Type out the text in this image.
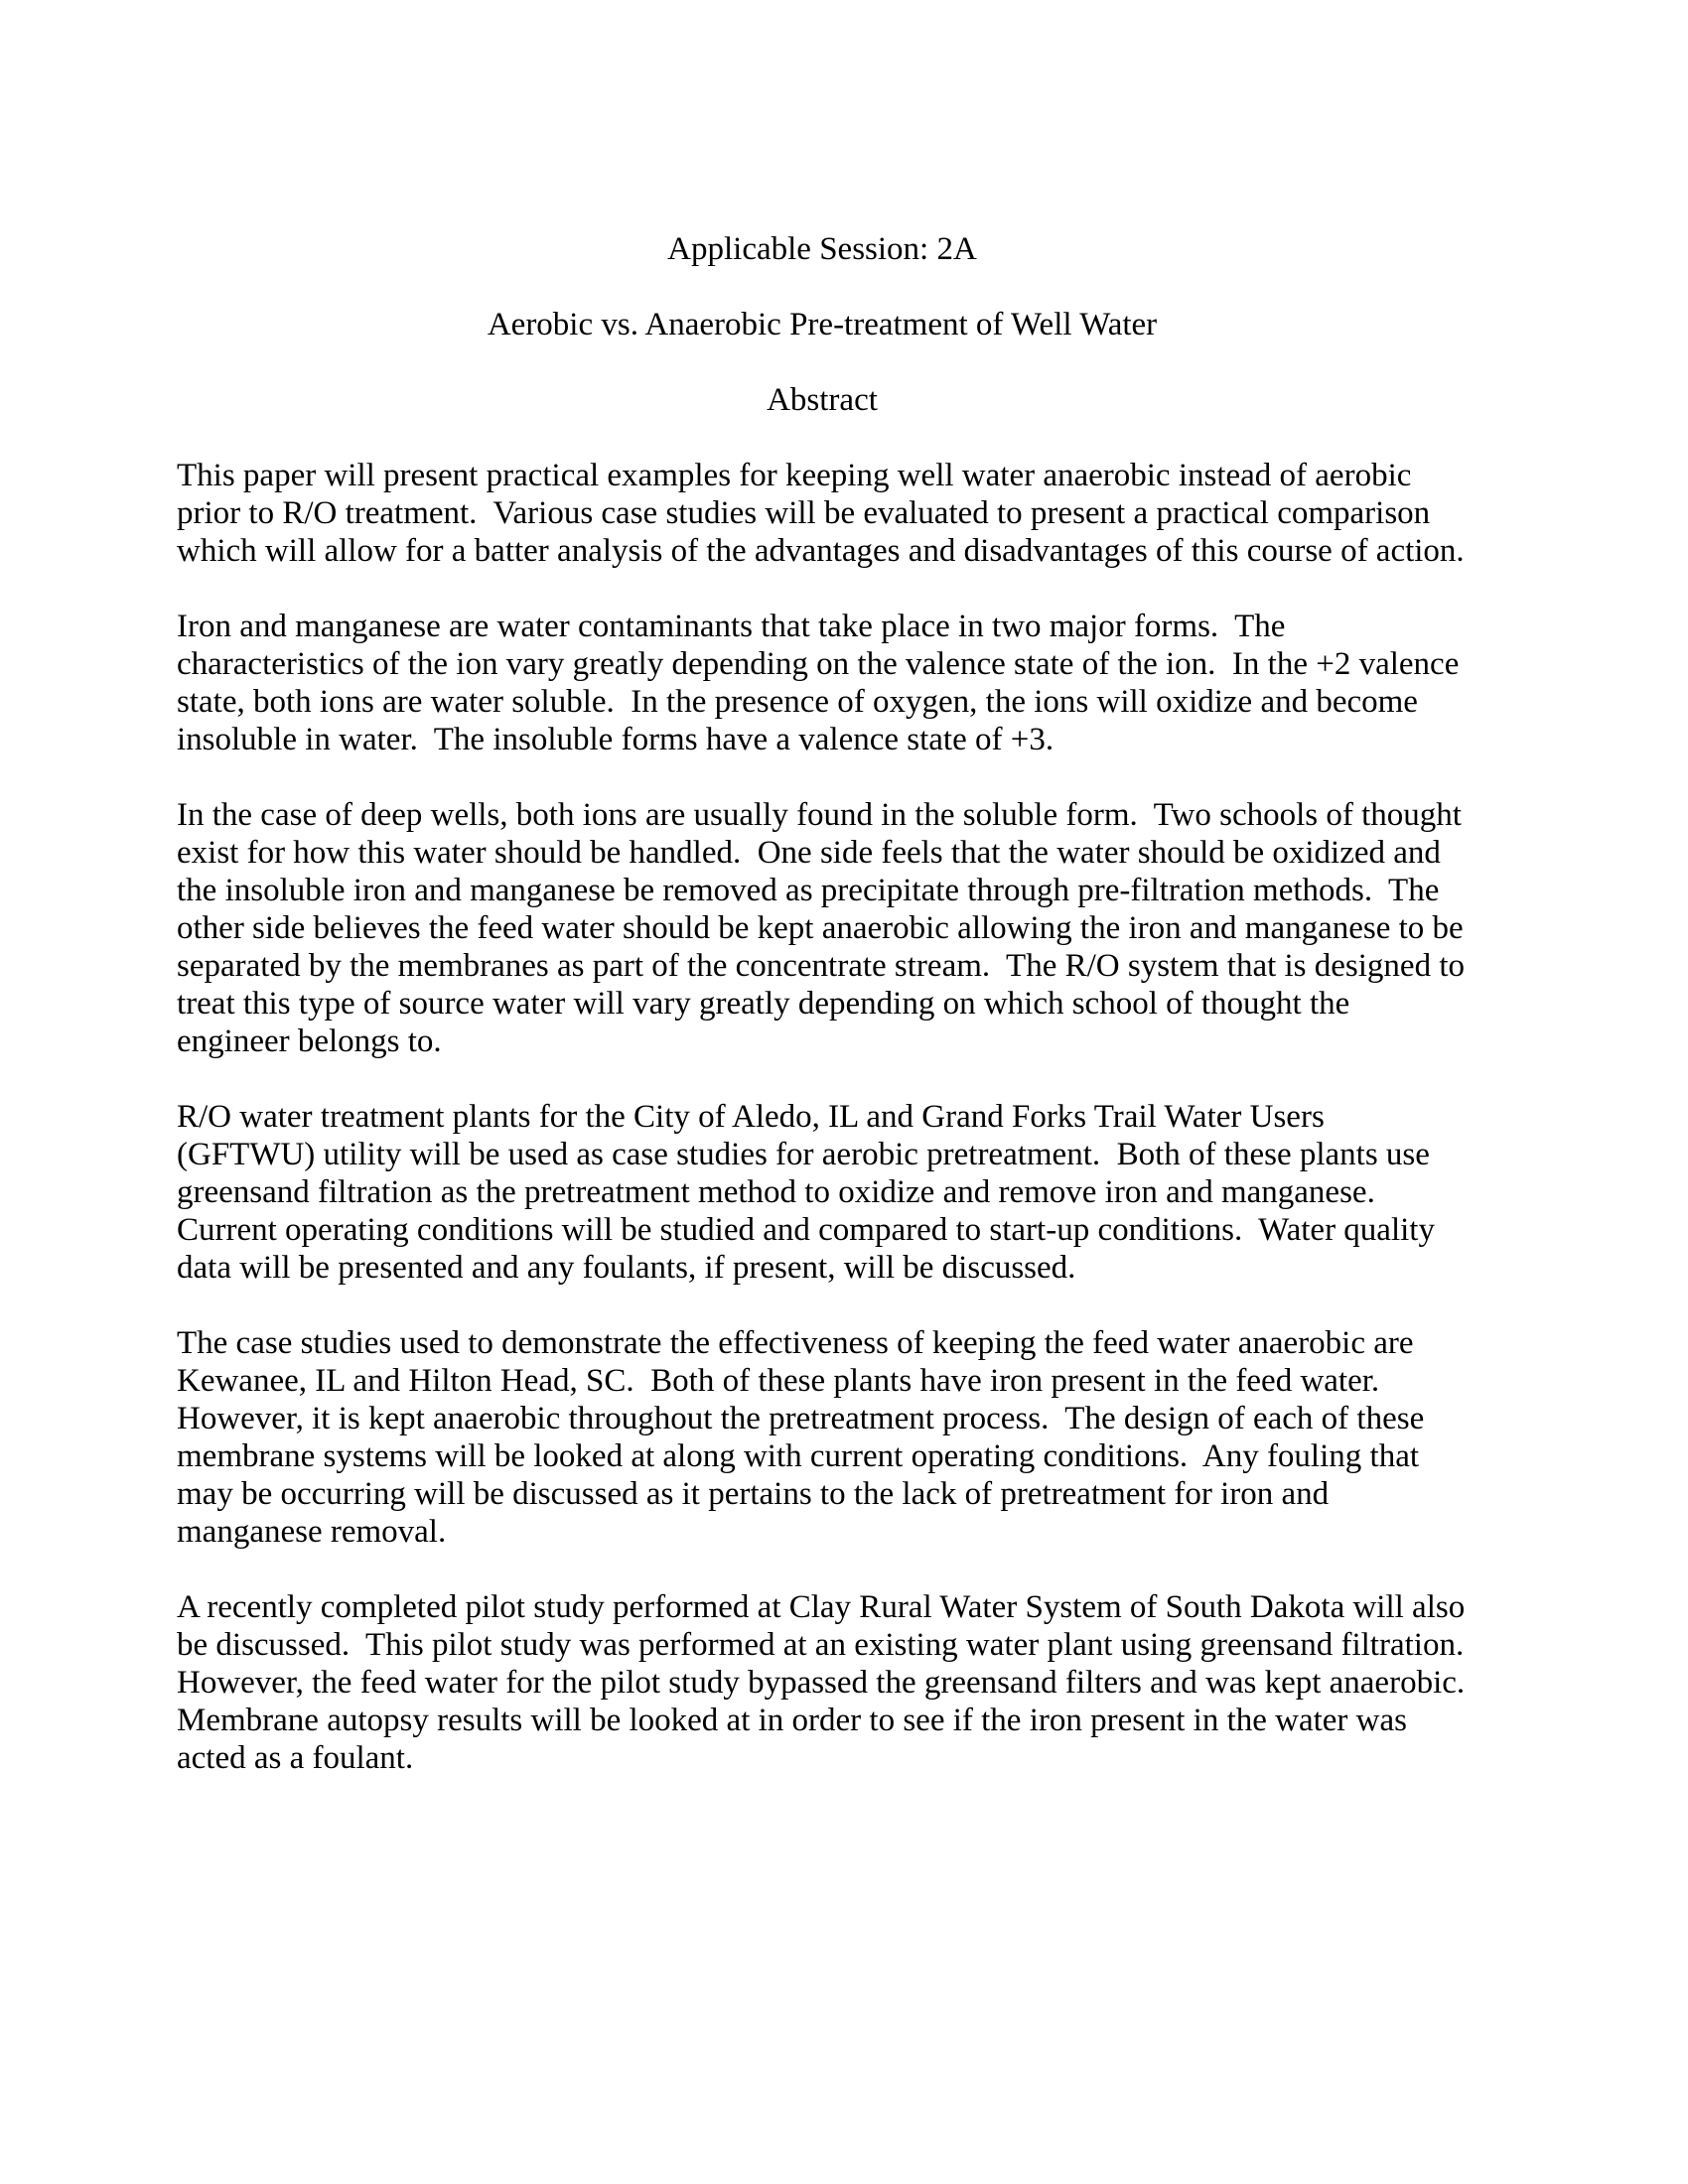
Applicable Session: 2A
Aerobic vs. Anaerobic Pre-treatment of Well Water
Abstract

This paper will present practical examples for keeping well water anaerobic instead of aerobic prior to R/O treatment.  Various case studies will be evaluated to present a practical comparison which will allow for a batter analysis of the advantages and disadvantages of this course of action.

Iron and manganese are water contaminants that take place in two major forms.  The characteristics of the ion vary greatly depending on the valence state of the ion.  In the +2 valence state, both ions are water soluble.  In the presence of oxygen, the ions will oxidize and become insoluble in water.  The insoluble forms have a valence state of +3.

In the case of deep wells, both ions are usually found in the soluble form.  Two schools of thought exist for how this water should be handled.  One side feels that the water should be oxidized and the insoluble iron and manganese be removed as precipitate through pre-filtration methods.  The other side believes the feed water should be kept anaerobic allowing the iron and manganese to be separated by the membranes as part of the concentrate stream.  The R/O system that is designed to treat this type of source water will vary greatly depending on which school of thought the engineer belongs to.

R/O water treatment plants for the City of Aledo, IL and Grand Forks Trail Water Users (GFTWU) utility will be used as case studies for aerobic pretreatment.  Both of these plants use greensand filtration as the pretreatment method to oxidize and remove iron and manganese.  Current operating conditions will be studied and compared to start-up conditions.  Water quality data will be presented and any foulants, if present, will be discussed.

The case studies used to demonstrate the effectiveness of keeping the feed water anaerobic are Kewanee, IL and Hilton Head, SC.  Both of these plants have iron present in the feed water.  However, it is kept anaerobic throughout the pretreatment process.  The design of each of these membrane systems will be looked at along with current operating conditions.  Any fouling that may be occurring will be discussed as it pertains to the lack of pretreatment for iron and manganese removal.

A recently completed pilot study performed at Clay Rural Water System of South Dakota will also be discussed.  This pilot study was performed at an existing water plant using greensand filtration.  However, the feed water for the pilot study bypassed the greensand filters and was kept anaerobic.  Membrane autopsy results will be looked at in order to see if the iron present in the water was acted as a foulant.
